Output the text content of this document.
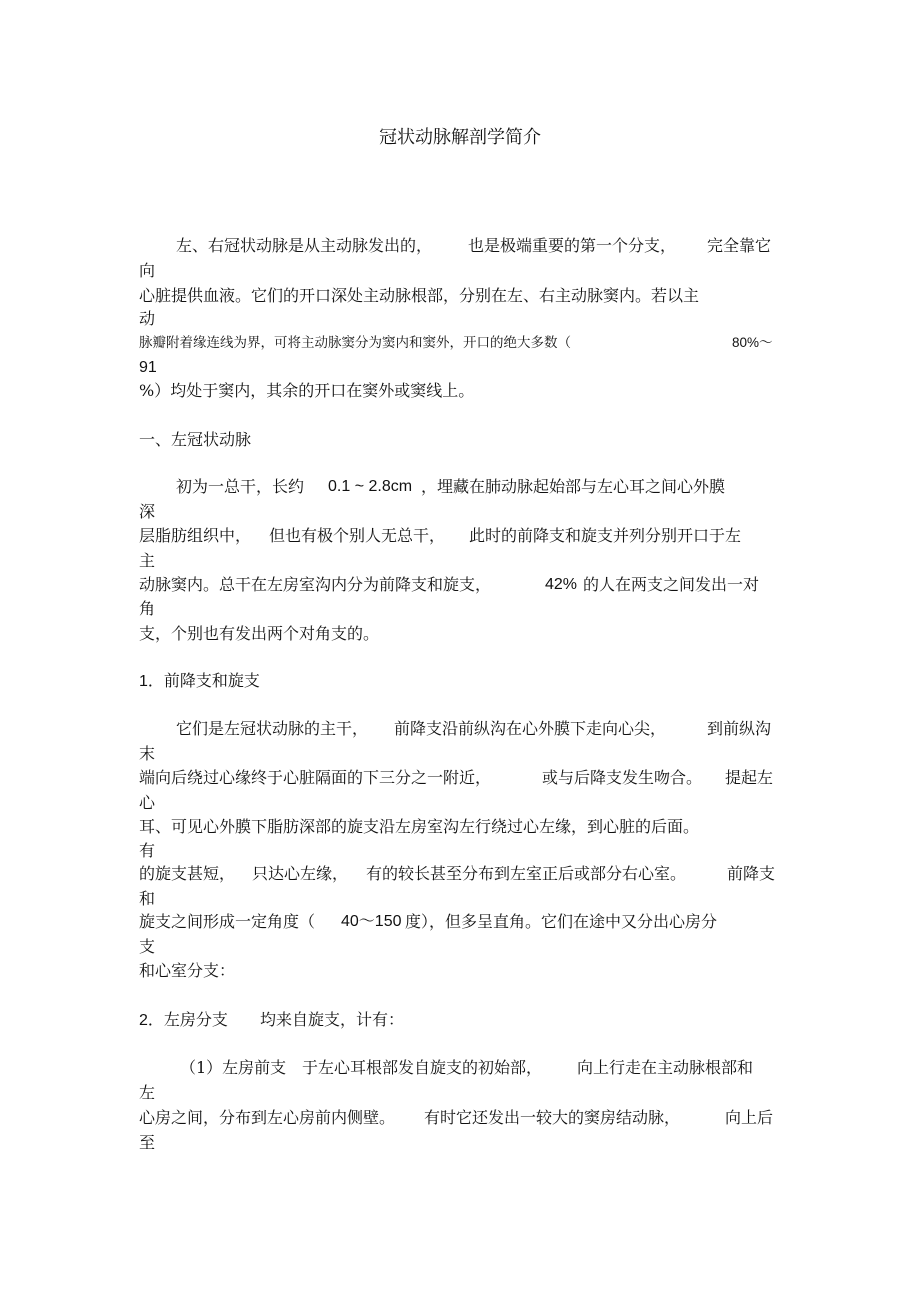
冠状动脉解剖学简介
左、右冠状动脉是从主动脉发出的， 也是极端重要的第一个分支， 完全靠它
向
心脏提供血液。它们的开口深处主动脉根部，分别在左、右主动脉窦内。若以主
动
脉瓣附着缘连线为界，可将主动脉窦分为窦内和窦外，开口的绝大多数（	80%～
91
%）均处于窦内，其余的开口在窦外或窦线上。
一、左冠状动脉
初为一总干，长约 0.1 ~ 2.8cm ，埋藏在肺动脉起始部与左心耳之间心外膜
深
层脂肪组织中， 但也有极个别人无总干， 此时的前降支和旋支并列分别开口于左
主
动脉窦内。总干在左房室沟内分为前降支和旋支，	42% 的人在两支之间发出一对
角
支，个别也有发出两个对角支的。
1．前降支和旋支
它们是左冠状动脉的主干， 前降支沿前纵沟在心外膜下走向心尖，	到前纵沟
末
端向后绕过心缘终于心脏隔面的下三分之一附近，	或与后降支发生吻合。 提起左
心
耳、可见心外膜下脂肪深部的旋支沿左房室沟左行绕过心左缘，到心脏的后面。
有
的旋支甚短， 只达心左缘， 有的较长甚至分布到左室正后或部分右心室。	前降支
和
旋支之间形成一定角度（ 40～150 度），但多呈直角。它们在途中又分出心房分
支
和心室分支：
2．左房分支 均来自旋支，计有：
（1）左房前支 于左心耳根部发自旋支的初始部， 向上行走在主动脉根部和
左
心房之间，分布到左心房前内侧壁。 有时它还发出一较大的窦房结动脉，	向上后
至
